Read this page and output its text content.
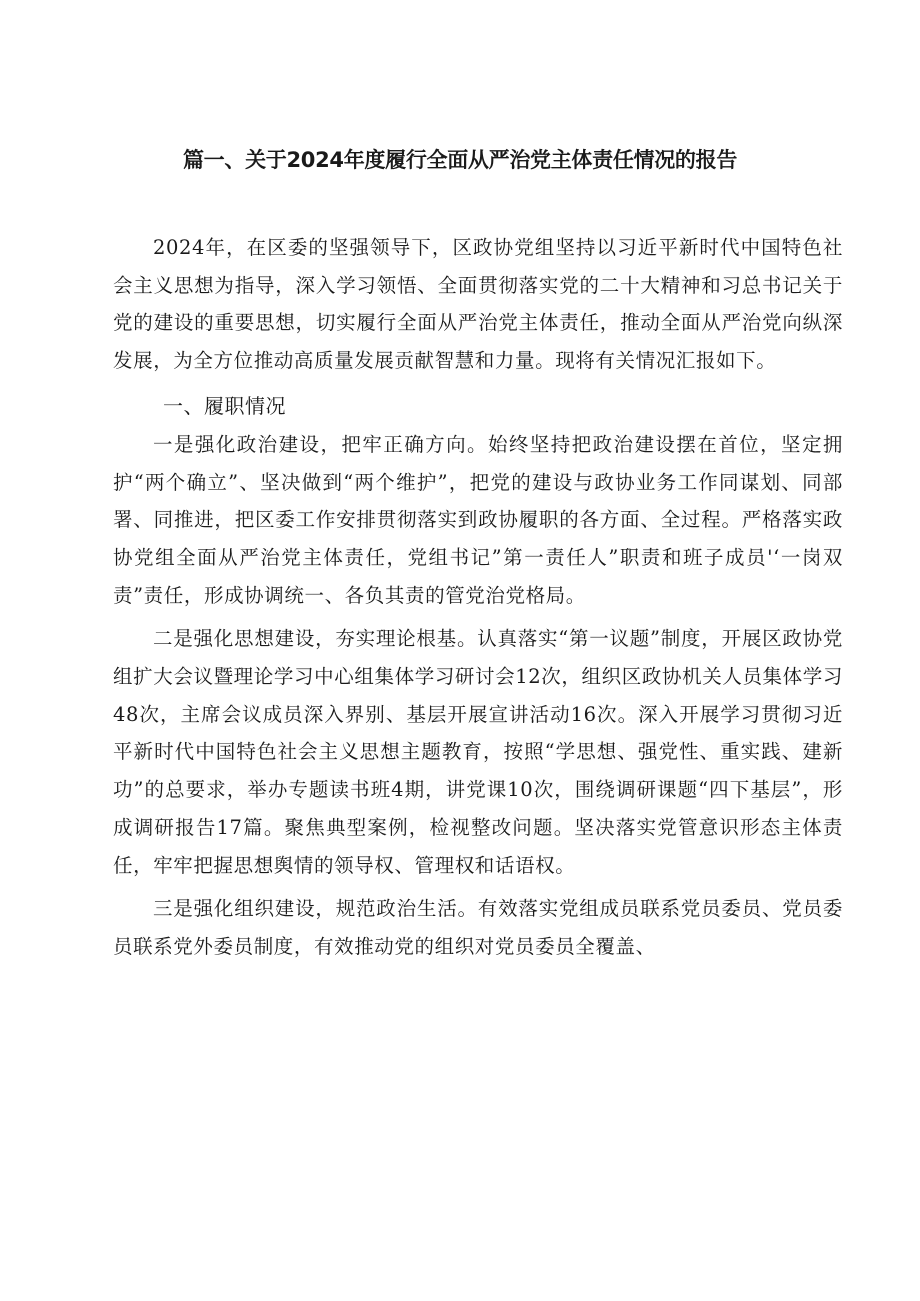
篇一、关于2024年度履行全面从严治党主体责任情况的报告

2024年，在区委的坚强领导下，区政协党组坚持以习近平新时代中国特色社会主义思想为指导，深入学习领悟、全面贯彻落实党的二十大精神和习总书记关于党的建设的重要思想，切实履行全面从严治党主体责任，推动全面从严治党向纵深发展，为全方位推动高质量发展贡献智慧和力量。现将有关情况汇报如下。

一、履职情况

一是强化政治建设，把牢正确方向。始终坚持把政治建设摆在首位，坚定拥护“两个确立”、坚决做到“两个维护”，把党的建设与政协业务工作同谋划、同部署、同推进，把区委工作安排贯彻落实到政协履职的各方面、全过程。严格落实政协党组全面从严治党主体责任，党组书记”第一责任人”职责和班子成员'‘一岗双责”责任，形成协调统一、各负其责的管党治党格局。

二是强化思想建设，夯实理论根基。认真落实“第一议题”制度，开展区政协党组扩大会议暨理论学习中心组集体学习研讨会12次，组织区政协机关人员集体学习48次，主席会议成员深入界别、基层开展宣讲活动16次。深入开展学习贯彻习近平新时代中国特色社会主义思想主题教育，按照“学思想、强党性、重实践、建新功”的总要求，举办专题读书班4期，讲党课10次，围绕调研课题“四下基层”，形成调研报告17篇。聚焦典型案例，检视整改问题。坚决落实党管意识形态主体责任，牢牢把握思想舆情的领导权、管理权和话语权。

三是强化组织建设，规范政治生活。有效落实党组成员联系党员委员、党员委员联系党外委员制度，有效推动党的组织对党员委员全覆盖、
